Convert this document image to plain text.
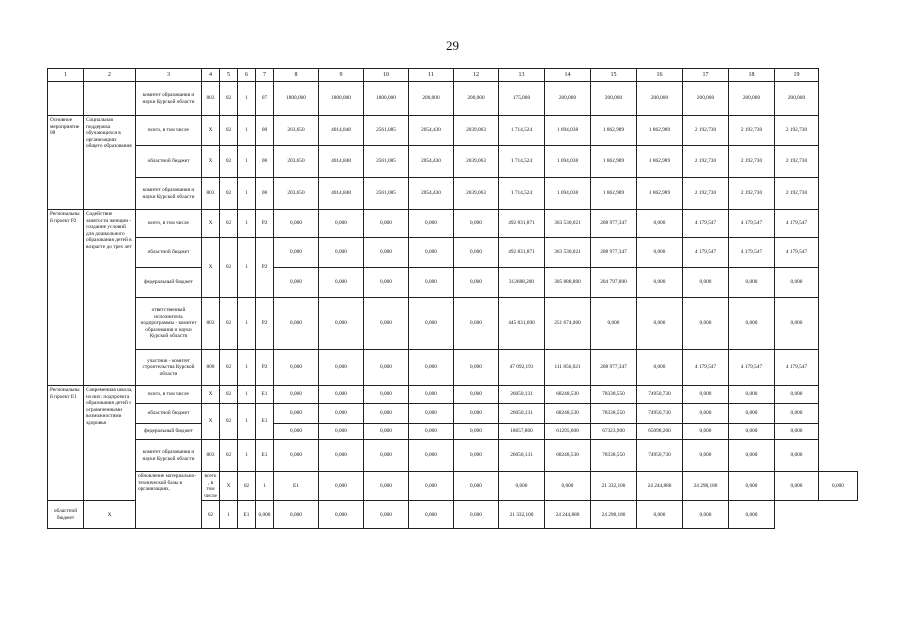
29
1	2	3	4	5	6	7	8	9	10	11	12	13	14	15	16	17	18	19	
		комитет образования и науки Курской области	803	02	1	07	1800,000	1800,000	1800,000	200,000	200,000	175,000	200,000	200,000	200,000	200,000	200,000	200,000	
Основное мероприятие 08	Социальная поддержка обучающихся в организациях общего образования	всего, в том числе	X	02	1	08	203,650	4014,848	2561,085	2054,430	2039,063	1 714,524	1 694,038	1 862,989	1 862,989	2 192,730	2 192,730	2 192,730	
		областной бюджет	X	02	1	08	203,650	4014,848	2561,085	2054,430	2039,063	1 714,524	1 694,038	1 862,989	1 862,989	2 192,730	2 192,730	2 192,730	
		комитет образования и науки Курской области	803	02	1	08	203,650	4014,848	2561,085	2054,430	2039,063	1 714,524	1 694,038	1 862,989	1 862,989	2 192,730	2 192,730	2 192,730	
Региональный проект P2	Содействие занятости женщин - создание условий для дошкольного образования детей в возрасте до трех лет	всего, в том числе	X	02	1	P2	0,000	0,000	0,000	0,000	0,000	492 831,871	363 530,021	208 977,347	0,000	4 179,547	4 179,547	4 179,547	
		областной бюджет	X	02	1	P2	0,000	0,000	0,000	0,000	0,000	492 831,871	363 530,021	208 977,347	0,000	4 179,547	4 179,547	4 179,547	
		федеральный бюджет					0,000	0,000	0,000	0,000	0,000	312688,200	305 888,800	204 797,800	0,000	0,000	0,000	0,000	
		ответственный исполнитель подпрограммы - комитет образования и науки Курской области	803	02	1	P2	0,000	0,000	0,000	0,000	0,000	445 831,690	251 674,000	0,000	0,000	0,000	0,000	0,000	
		участник - комитет строительства Курской области	808	02	1	P2	0,000	0,000	0,000	0,000	0,000	47 092,191	111 856,021	208 977,347	0,000	4 179,547	4 179,547	4 179,547	
Региональный проект E1	Современная школа, из них: подпроекта образования детей с ограниченными возможностями здоровья	всего, в том числе	X	02	1	E1	0,000	0,000	0,000	0,000	0,000	26050,131	68248,530	78338,550	74950,730	0,000	0,000	0,000	
		областной бюджет	X	02	1	E1	0,000	0,000	0,000	0,000	0,000	26050,131	68248,530	78338,550	74950,730	0,000	0,000	0,000	
		федеральный бюджет					0,000	0,000	0,000	0,000	0,000	18657,800	61295,600	67323,900	65098,200	0,000	0,000	0,000	
		комитет образования и науки Курской области	803	02	1	E1	0,000	0,000	0,000	0,000	0,000	26050,131	68248,530	78338,550	74950,730	0,000	0,000	0,000	
		обновление материально-технической базы в организациях,	всего, в том числе	X	02	1	E1	0,000	0,000	0,000	0,000	0,000	0,000	21 332,100	24 244,880	24 298,180	0,000	0,000	0,000
областной бюджет	X		02	1	E1	0,000	0,000	0,000	0,000	0,000	0,000	21 332,100	24 244,880	24 298,180	0,000	0,000	0,000		
